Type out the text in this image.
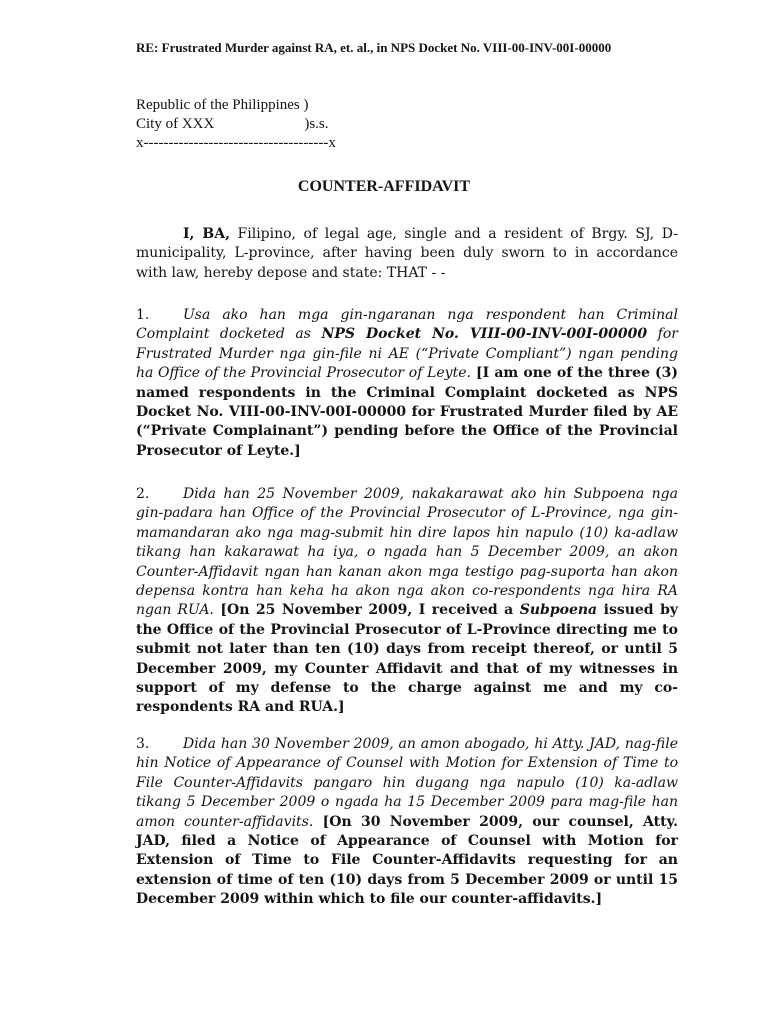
RE: Frustrated Murder against RA, et. al., in NPS Docket No. VIII-00-INV-00I-00000
Republic of the Philippines )
City of XXX                        )s.s.
x-------------------------------------x
COUNTER-AFFIDAVIT
I, BA, Filipino, of legal age, single and a resident of Brgy. SJ, D-municipality, L-province, after having been duly sworn to in accordance with law, hereby depose and state: THAT - -
1. Usa ako han mga gin-ngaranan nga respondent han Criminal Complaint docketed as NPS Docket No. VIII-00-INV-00I-00000 for Frustrated Murder nga gin-file ni AE (“Private Compliant”) ngan pending ha Office of the Provincial Prosecutor of Leyte. [I am one of the three (3) named respondents in the Criminal Complaint docketed as NPS Docket No. VIII-00-INV-00I-00000 for Frustrated Murder filed by AE (“Private Complainant”) pending before the Office of the Provincial Prosecutor of Leyte.]
2. Dida han 25 November 2009, nakakarawat ako hin Subpoena nga gin-padara han Office of the Provincial Prosecutor of L-Province, nga gin-mamandaran ako nga mag-submit hin dire lapos hin napulo (10) ka-adlaw tikang han kakarawat ha iya, o ngada han 5 December 2009, an akon Counter-Affidavit ngan han kanan akon mga testigo pag-suporta han akon depensa kontra han keha ha akon nga akon co-respondents nga hira RA ngan RUA. [On 25 November 2009, I received a Subpoena issued by the Office of the Provincial Prosecutor of L-Province directing me to submit not later than ten (10) days from receipt thereof, or until 5 December 2009, my Counter Affidavit and that of my witnesses in support of my defense to the charge against me and my co-respondents RA and RUA.]
3. Dida han 30 November 2009, an amon abogado, hi Atty. JAD, nag-file hin Notice of Appearance of Counsel with Motion for Extension of Time to File Counter-Affidavits pangaro hin dugang nga napulo (10) ka-adlaw tikang 5 December 2009 o ngada ha 15 December 2009 para mag-file han amon counter-affidavits. [On 30 November 2009, our counsel, Atty. JAD, filed a Notice of Appearance of Counsel with Motion for Extension of Time to File Counter-Affidavits requesting for an extension of time of ten (10) days from 5 December 2009 or until 15 December 2009 within which to file our counter-affidavits.]
